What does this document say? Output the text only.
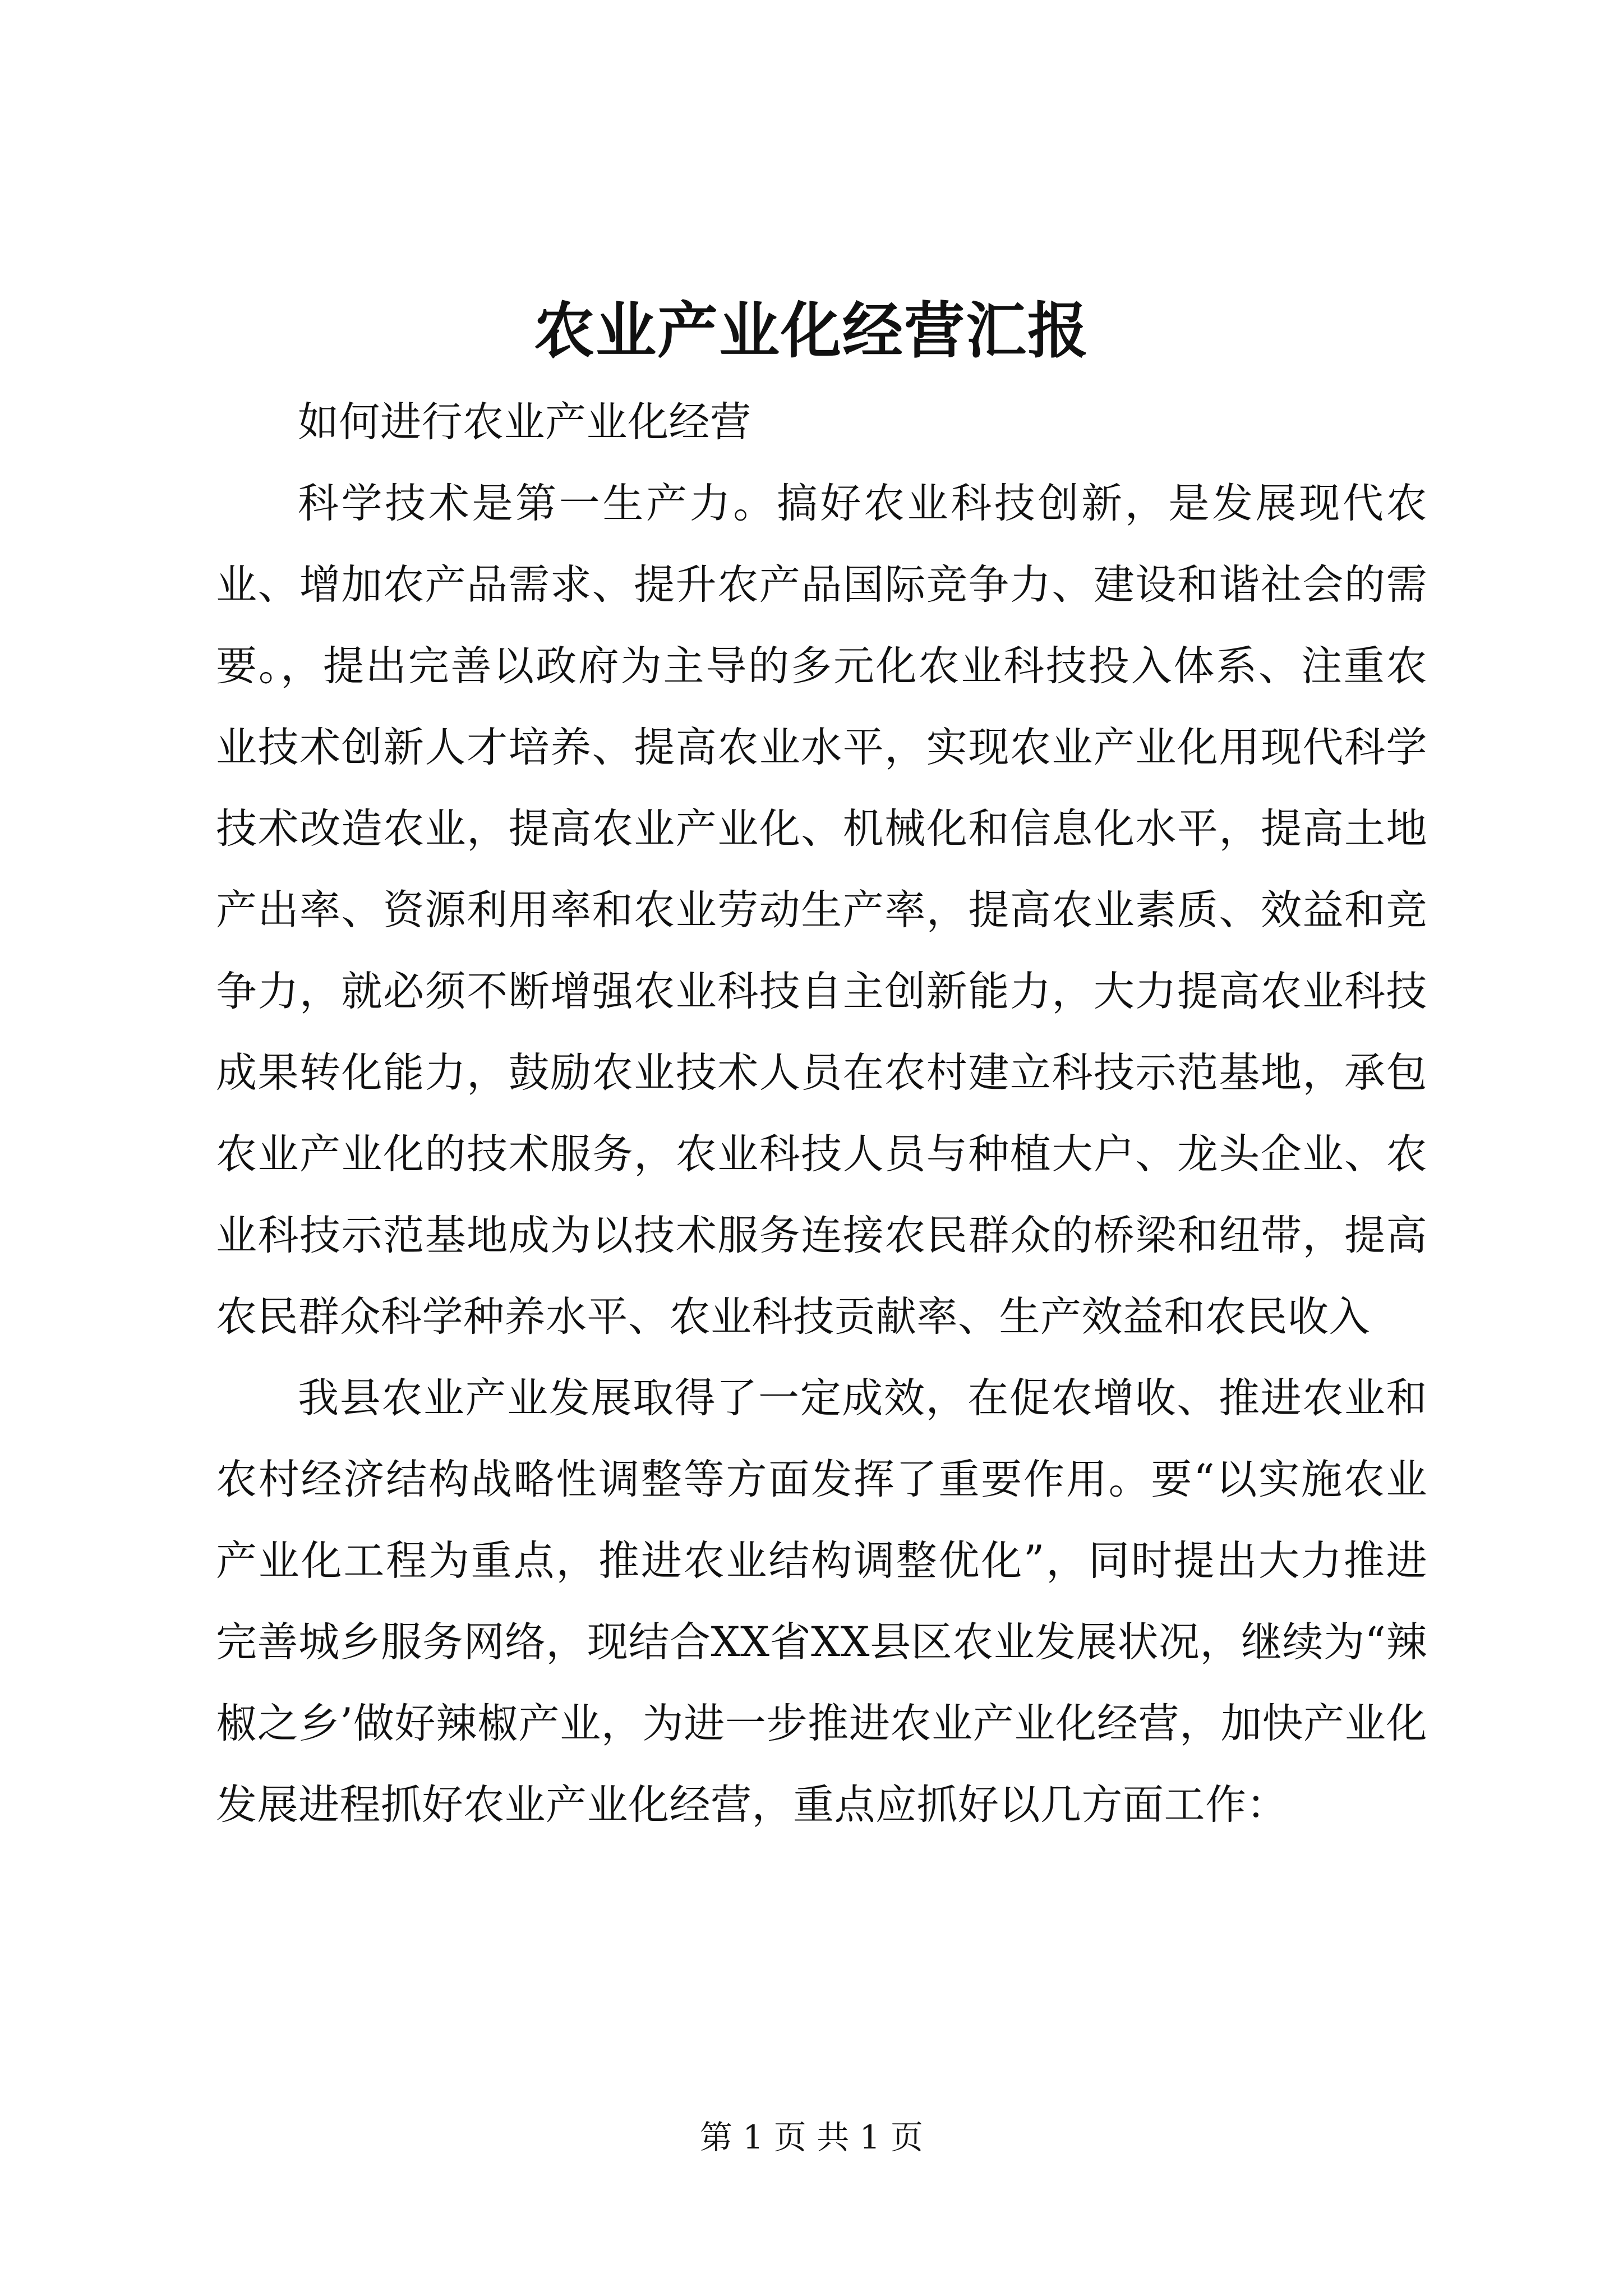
农业产业化经营汇报

如何进行农业产业化经营

科学技术是第一生产力。搞好农业科技创新，是发展现代农业、增加农产品需求、提升农产品国际竞争力、建设和谐社会的需要。，提出完善以政府为主导的多元化农业科技投入体系、注重农业技术创新人才培养、提高农业水平，实现农业产业化用现代科学技术改造农业，提高农业产业化、机械化和信息化水平，提高土地产出率、资源利用率和农业劳动生产率，提高农业素质、效益和竞争力，就必须不断增强农业科技自主创新能力，大力提高农业科技成果转化能力，鼓励农业技术人员在农村建立科技示范基地，承包农业产业化的技术服务，农业科技人员与种植大户、龙头企业、农业科技示范基地成为以技术服务连接农民群众的桥梁和纽带，提高农民群众科学种养水平、农业科技贡献率、生产效益和农民收入

我县农业产业发展取得了一定成效，在促农增收、推进农业和农村经济结构战略性调整等方面发挥了重要作用。要“以实施农业产业化工程为重点，推进农业结构调整优化”，同时提出大力推进完善城乡服务网络，现结合XX省XX县区农业发展状况，继续为“辣椒之乡’做好辣椒产业，为进一步推进农业产业化经营，加快产业化发展进程抓好农业产业化经营，重点应抓好以几方面工作：

第 1 页 共 1 页
